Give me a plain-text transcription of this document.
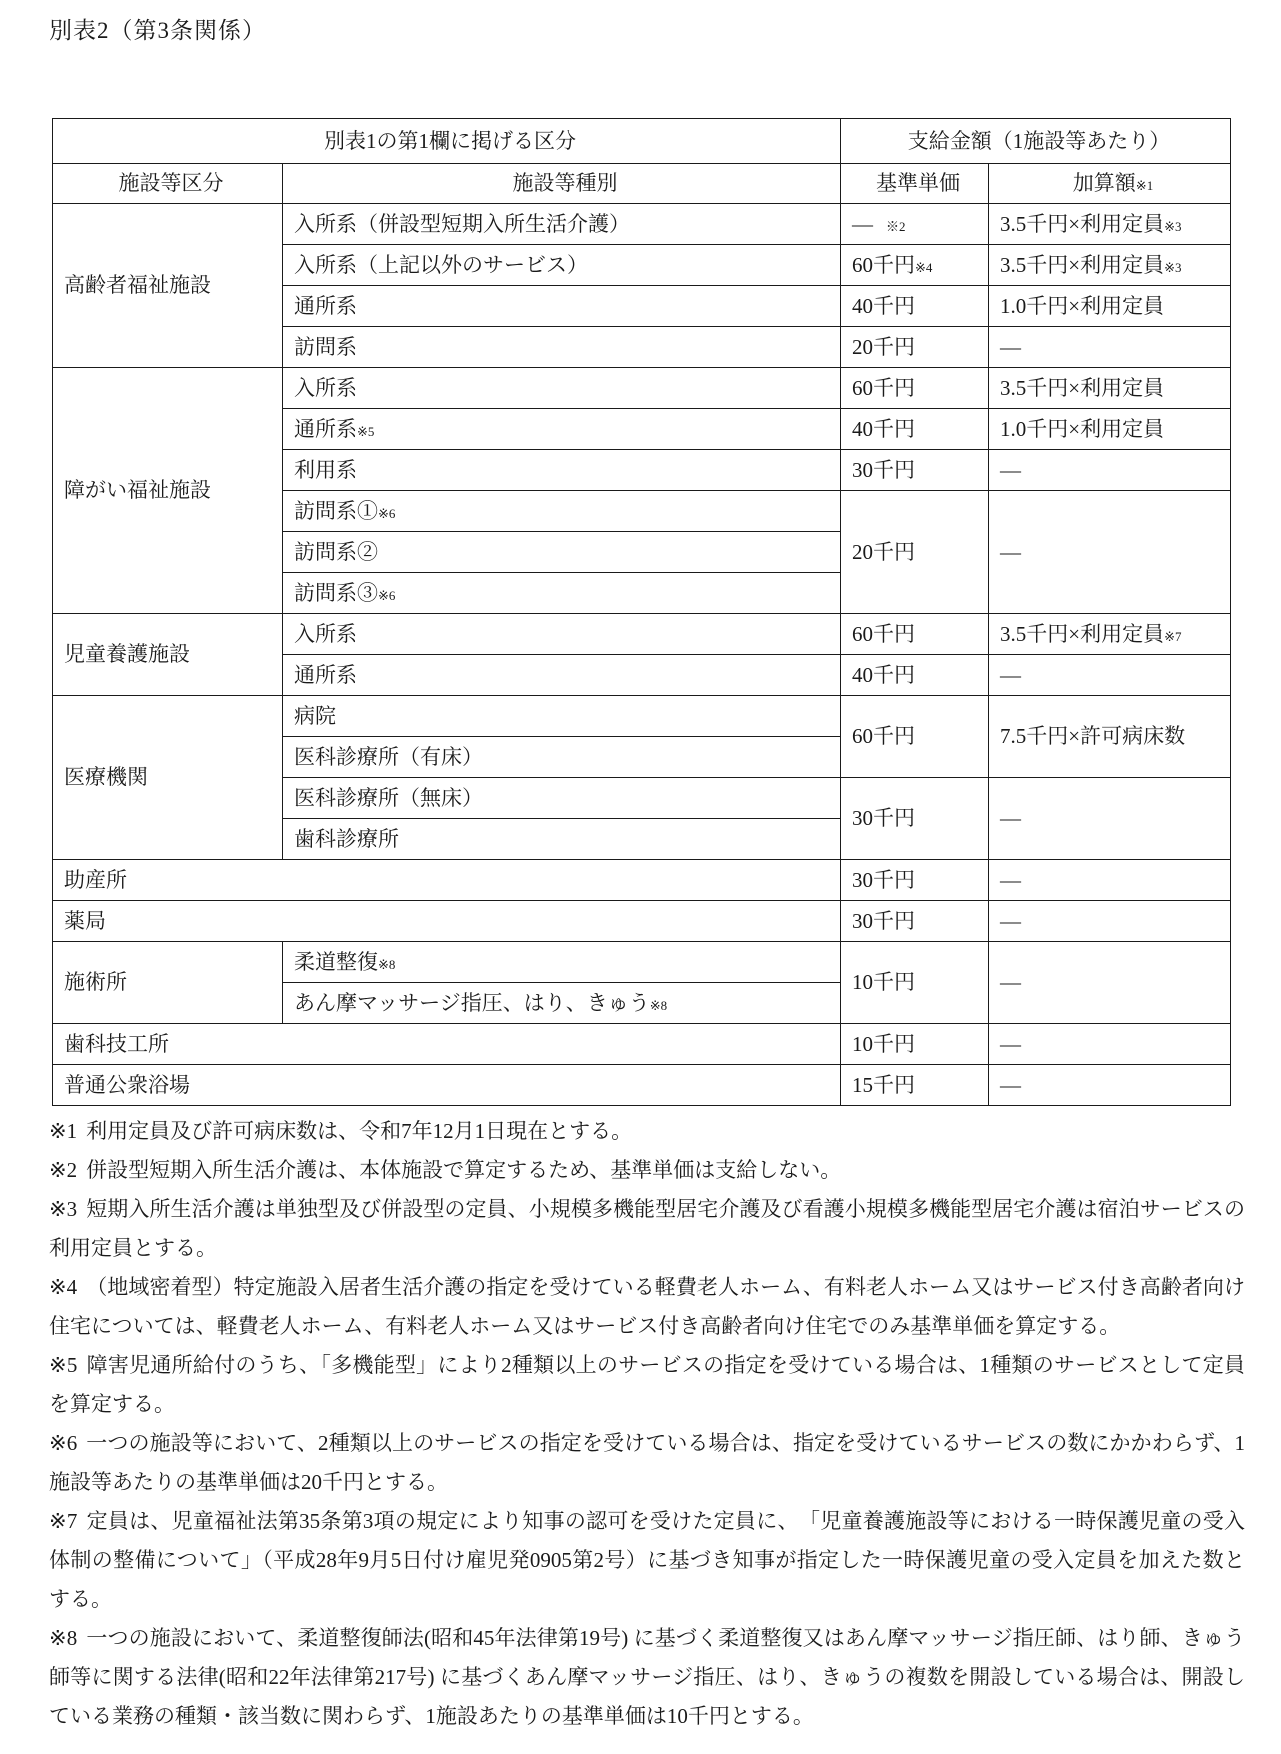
別表2（第3条関係）
別表1の第1欄に掲げる区分		支給金額（1施設等あたり）	
施設等区分	施設等種別	基準単価	加算額※1
高齢者福祉施設	入所系（併設型短期入所生活介護）	―　※2	3.5千円×利用定員※3
	入所系（上記以外のサービス）	60千円※4	3.5千円×利用定員※3
	通所系	40千円	1.0千円×利用定員
	訪問系	20千円	―
障がい福祉施設	入所系	60千円	3.5千円×利用定員
	通所系※5	40千円	1.0千円×利用定員
	利用系	30千円	―
	訪問系①※6	20千円	―
	訪問系②		
	訪問系③※6		
児童養護施設	入所系	60千円	3.5千円×利用定員※7
	通所系	40千円	―
医療機関	病院	60千円	7.5千円×許可病床数
	医科診療所（有床）		
	医科診療所（無床）	30千円	―
	歯科診療所		
助産所		30千円	―
薬局		30千円	―
施術所	柔道整復※8	10千円	―
	あん摩マッサージ指圧、はり、きゅう※8		
歯科技工所		10千円	―
普通公衆浴場		15千円	―

※1 利用定員及び許可病床数は、令和7年12月1日現在とする。

※2 併設型短期入所生活介護は、本体施設で算定するため、基準単価は支給しない。

※3 短期入所生活介護は単独型及び併設型の定員、小規模多機能型居宅介護及び看護小規模多機能型居宅介護は宿泊サービスの利用定員とする。

※4 （地域密着型）特定施設入居者生活介護の指定を受けている軽費老人ホーム、有料老人ホーム又はサービス付き高齢者向け住宅については、軽費老人ホーム、有料老人ホーム又はサービス付き高齢者向け住宅でのみ基準単価を算定する。

※5 障害児通所給付のうち、「多機能型」により2種類以上のサービスの指定を受けている場合は、1種類のサービスとして定員を算定する。

※6 一つの施設等において、2種類以上のサービスの指定を受けている場合は、指定を受けているサービスの数にかかわらず、1施設等あたりの基準単価は20千円とする。

※7 定員は、児童福祉法第35条第3項の規定により知事の認可を受けた定員に、　「児童養護施設等における一時保護児童の受入体制の整備について」（平成28年9月5日付け雇児発0905第2号）に基づき知事が指定した一時保護児童の受入定員を加えた数とする。

※8 一つの施設において、柔道整復師法(昭和45年法律第19号) に基づく柔道整復又はあん摩マッサージ指圧師、はり師、きゅう師等に関する法律(昭和22年法律第217号) に基づくあん摩マッサージ指圧、はり、きゅうの複数を開設している場合は、開設している業務の種類・該当数に関わらず、1施設あたりの基準単価は10千円とする。
